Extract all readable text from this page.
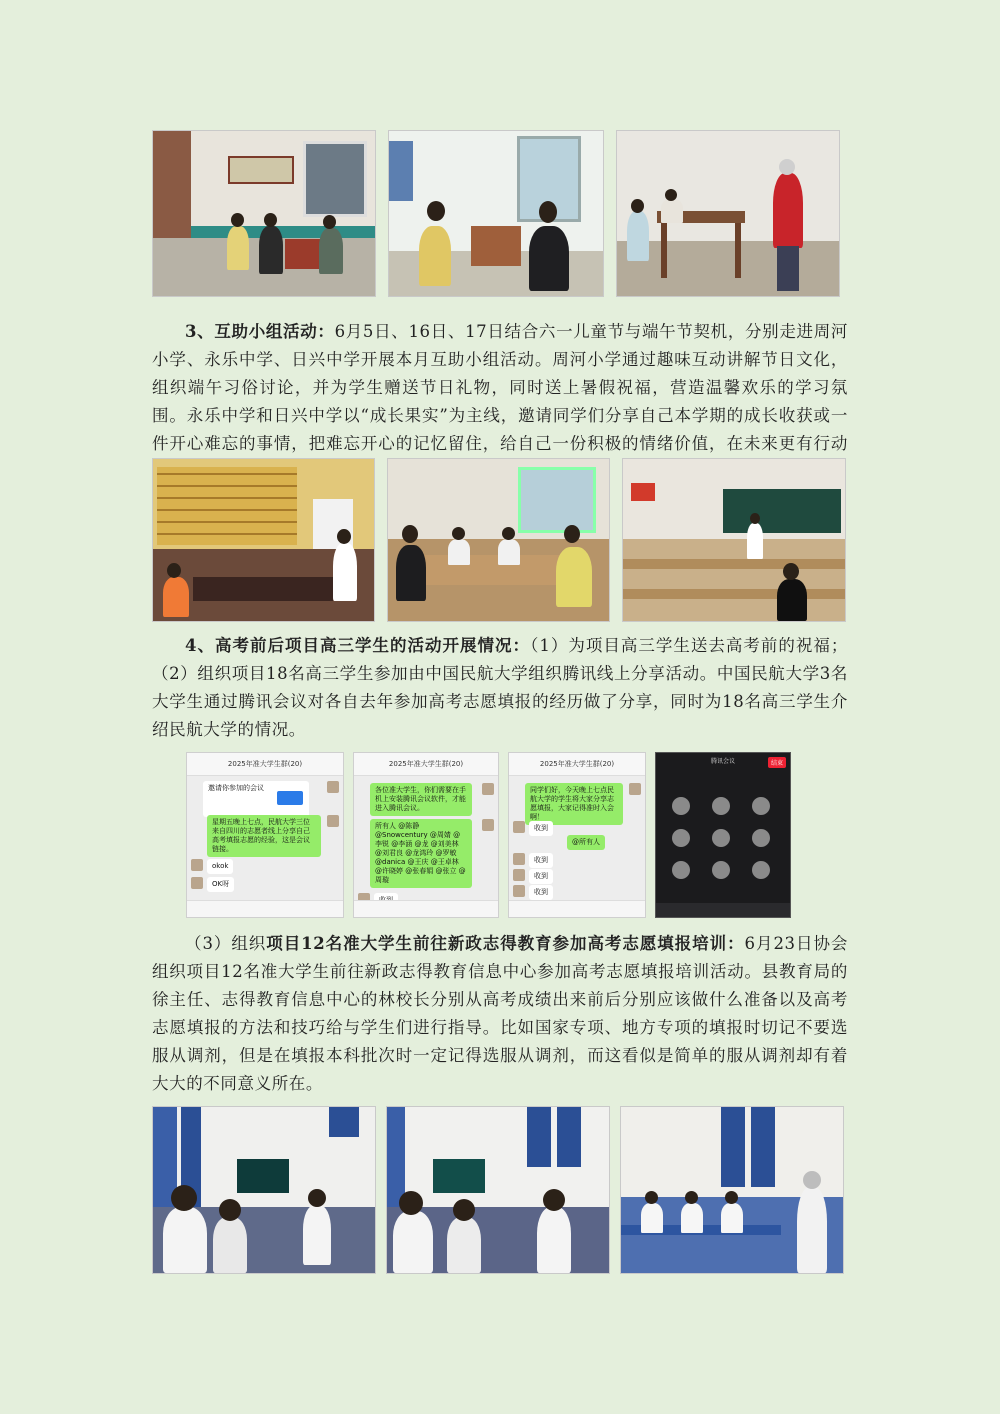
3、互助小组活动：6月5日、16日、17日结合六一儿童节与端午节契机，分别走进周河小学、永乐中学、日兴中学开展本月互助小组活动。周河小学通过趣味互动讲解节日文化，组织端午习俗讨论，并为学生赠送节日礼物，同时送上暑假祝福，营造温馨欢乐的学习氛围。永乐中学和日兴中学以“成长果实”为主线，邀请同学们分享自己本学期的成长收获或一件开心难忘的事情，把难忘开心的记忆留住，给自己一份积极的情绪价值，在未来更有行动

4、高考前后项目高三学生的活动开展情况：（1）为项目高三学生送去高考前的祝福；（2）组织项目18名高三学生参加由中国民航大学组织腾讯线上分享活动。中国民航大学3名大学生通过腾讯会议对各自去年参加高考志愿填报的经历做了分享，同时为18名高三学生介绍民航大学的情况。

2025年准大学生群(20)
邀请你参加的会议
星期五晚上七点，民航大学三位来自四川的志愿者线上分享自己高考填报志愿的经验，这是会议链接。
okok
OK呀
2025年准大学生群(20)
各位准大学生，你们需要在手机上安装腾讯会议软件，才能进入腾讯会议。
所有人 @陈静 @Snowcentury @周婧 @李锐 @李涵 @龙 @刘美林 @刘君良 @龙鸿玲 @罗敏 @danica @王庆 @王卓林 @许晓婷 @张春娟 @张立 @周璇
2025年准大学生群(20)
同学们好，今天晚上七点民航大学的学生将大家分享志愿填报，大家记得准时入会啊！
收到
@所有人
收到
收到
收到
腾讯会议	结束

（3）组织项目12名准大学生前往新政志得教育参加高考志愿填报培训：6月23日协会组织项目12名准大学生前往新政志得教育信息中心参加高考志愿填报培训活动。县教育局的徐主任、志得教育信息中心的林校长分别从高考成绩出来前后分别应该做什么准备以及高考志愿填报的方法和技巧给与学生们进行指导。比如国家专项、地方专项的填报时切记不要选服从调剂，但是在填报本科批次时一定记得选服从调剂，而这看似是简单的服从调剂却有着大大的不同意义所在。
